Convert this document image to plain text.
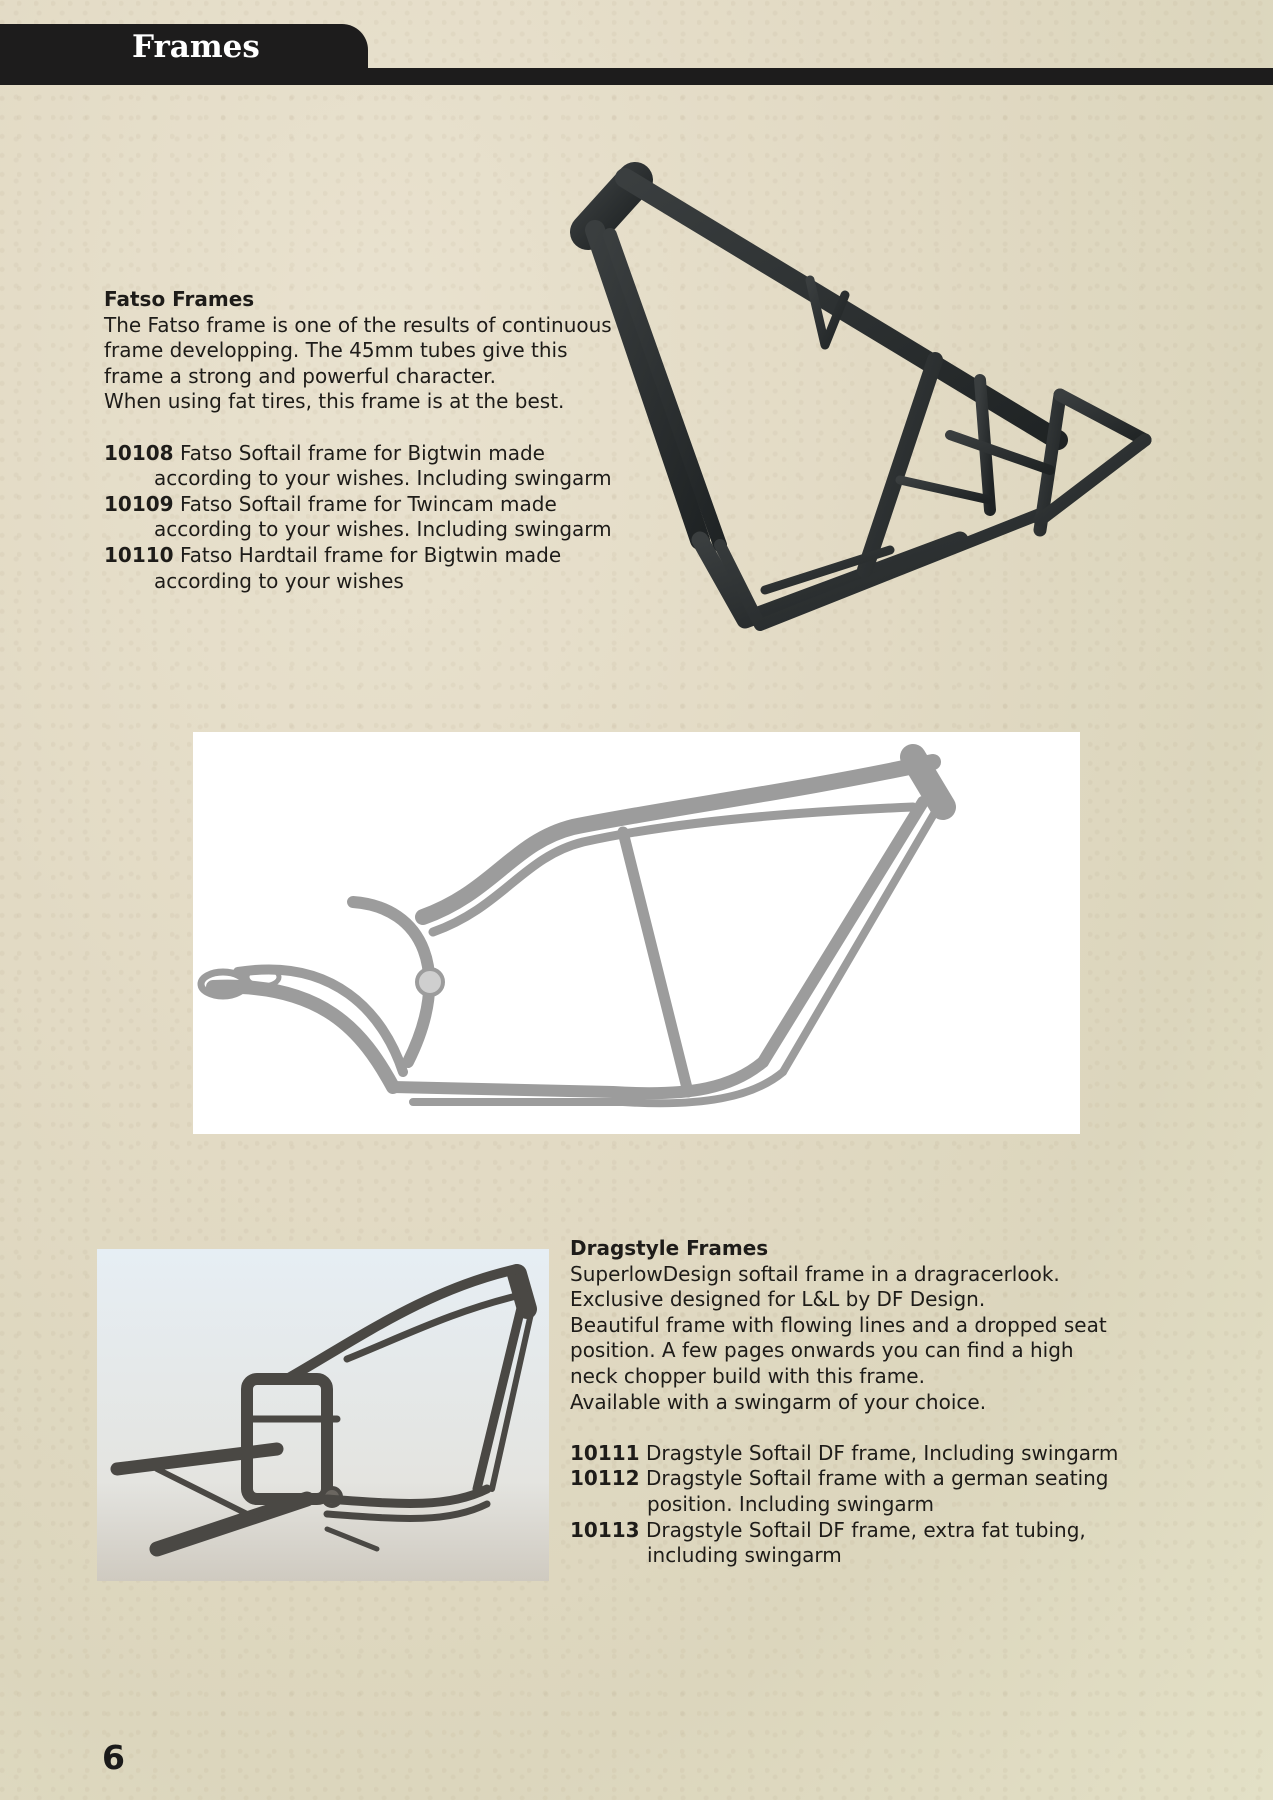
Frames

Fatso Frames

The Fatso frame is one of the results of continuous

frame developping. The 45mm tubes give this

frame a strong and powerful character.

When using fat tires, this frame is at the best.

10108 Fatso Softail frame for Bigtwin made
according to your wishes. Including swingarm

10109 Fatso Softail frame for Twincam made
according to your wishes. Including swingarm

10110 Fatso Hardtail frame for Bigtwin made
according to your wishes

Dragstyle Frames

SuperlowDesign softail frame in a dragracerlook.

Exclusive designed for L&L by DF Design.

Beautiful frame with flowing lines and a dropped seat

position. A few pages onwards you can find a high

neck chopper build with this frame.

Available with a swingarm of your choice.

10111 Dragstyle Softail DF frame, Including swingarm

10112 Dragstyle Softail frame with a german seating
position. Including swingarm

10113 Dragstyle Softail DF frame, extra fat tubing,
including swingarm

6
